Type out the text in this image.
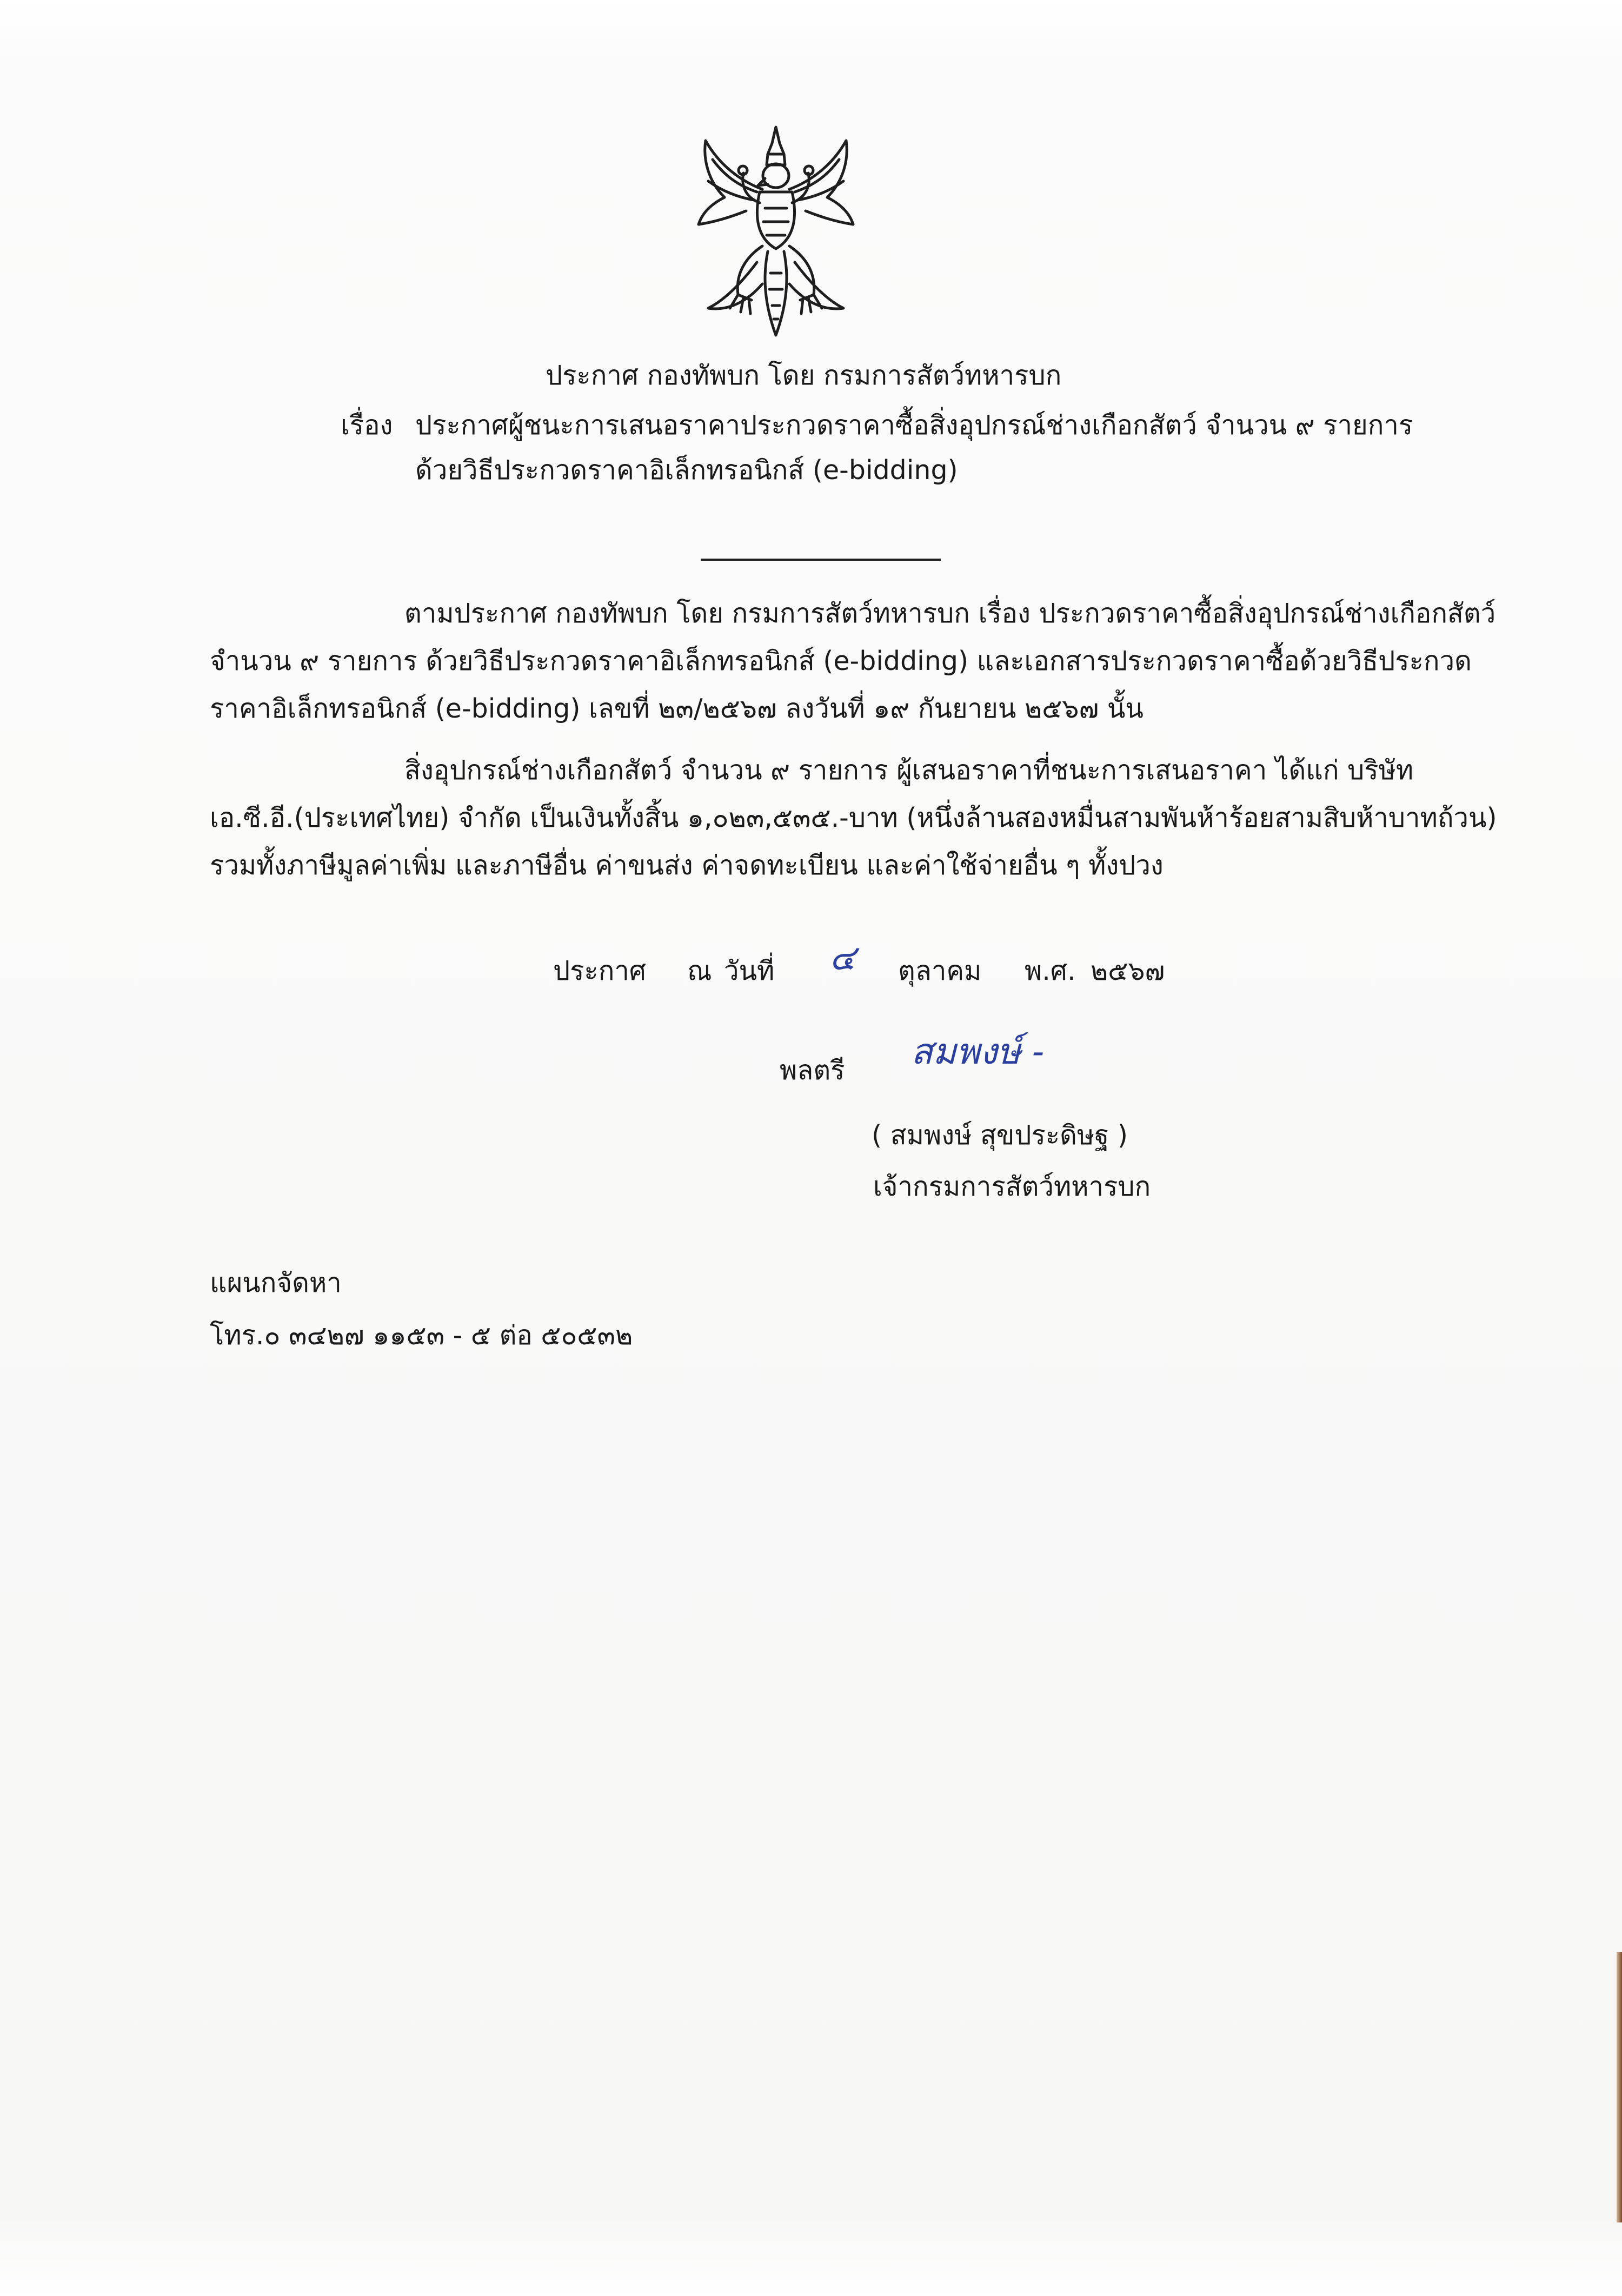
ประกาศ กองทัพบก โดย กรมการสัตว์ทหารบก
เรื่อง ประกาศผู้ชนะการเสนอราคาประกวดราคาซื้อสิ่งอุปกรณ์ช่างเกือกสัตว์ จำนวน ๙ รายการ
ด้วยวิธีประกวดราคาอิเล็กทรอนิกส์ (e-bidding)
ตามประกาศ กองทัพบก โดย กรมการสัตว์ทหารบก เรื่อง ประกวดราคาซื้อสิ่งอุปกรณ์ช่างเกือกสัตว์
จำนวน ๙ รายการ ด้วยวิธีประกวดราคาอิเล็กทรอนิกส์ (e-bidding) และเอกสารประกวดราคาซื้อด้วยวิธีประกวด
ราคาอิเล็กทรอนิกส์ (e-bidding) เลขที่ ๒๓/๒๕๖๗ ลงวันที่ ๑๙ กันยายน ๒๕๖๗ นั้น
สิ่งอุปกรณ์ช่างเกือกสัตว์ จำนวน ๙ รายการ ผู้เสนอราคาที่ชนะการเสนอราคา ได้แก่ บริษัท
เอ.ซี.อี.(ประเทศไทย) จำกัด เป็นเงินทั้งสิ้น ๑,๐๒๓,๕๓๕.-บาท (หนึ่งล้านสองหมื่นสามพันห้าร้อยสามสิบห้าบาทถ้วน)
รวมทั้งภาษีมูลค่าเพิ่ม และภาษีอื่น ค่าขนส่ง ค่าจดทะเบียน และค่าใช้จ่ายอื่น ๆ ทั้งปวง
ประกาศ ณ วันที่ ๔ ตุลาคม พ.ศ. ๒๕๖๗
พลตรี สมพงษ์ -
( สมพงษ์ สุขประดิษฐ )
เจ้ากรมการสัตว์ทหารบก
แผนกจัดหา
โทร.๐ ๓๔๒๗ ๑๑๕๓ - ๕ ต่อ ๕๐๕๓๒
